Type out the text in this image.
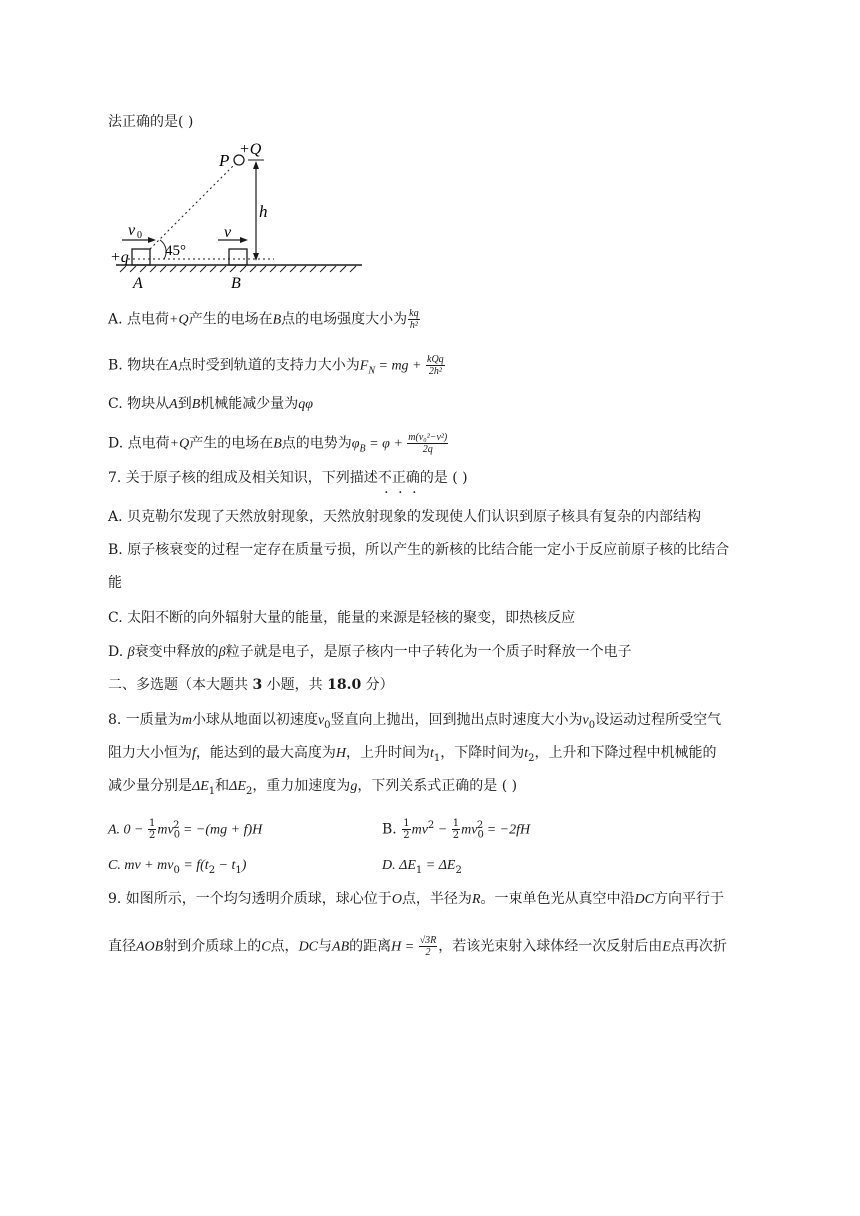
法正确的是( )
P
+Q
h
v 0
+q 45°
v
A	B
A. 点电荷+Q产生的电场在B点的电场强度大小为 $\frac{kq}{\text{h²}}$
B. 物块在A点时受到轨道的支持力大小为$F_N$ = mg + $\frac{\text{kQq}}{\text{2h²}}$
C. 物块从A到B机械能减少量为qφ
D. 点电荷+Q产生的电场在B点的电势为$\varphi_B = \varphi + \frac{\text{m(v₀²−v²)}}{2q}$
7. 关于原子核的组成及相关知识，下列描述不正确的是 ( )
A. 贝克勒尔发现了天然放射现象，天然放射现象的发现使人们认识到原子核具有复杂的内部结构
B. 原子核衰变的过程一定存在质量亏损，所以产生的新核的比结合能一定小于反应前原子核的比结合
能
C. 太阳不断的向外辐射大量的能量，能量的来源是轻核的聚变，即热核反应
D. β衰变中释放的β粒子就是电子，是原子核内一中子转化为一个质子时释放一个电子
二、多选题（本大题共 3 小题，共 18.0 分）
8. 一质量为m小球从地面以初速度$v_0$竖直向上抛出，回到抛出点时速度大小为$v_0$设运动过程所受空气
阻力大小恒为f，能达到的最大高度为H，上升时间为$t_1$，下降时间为$t_2$，上升和下降过程中机械能的
减少量分别是$\Delta E_1$和$\Delta E_2$，重力加速度为g，下列关系式正确的是 ( )
A. $0 - \frac{1}{2} mv_0^2 = -(mg + f)H$	B. $\frac{1}{2} mv^2 - \frac{1}{2} mv_0^2 = -2fH$
C. mv + $mv_0 = f(t_2 - t_1)$	D. $\Delta E_1 = \Delta E_2$
9. 如图所示，一个均匀透明介质球，球心位于O点，半径为R。一束单色光从真空中沿DC方向平行于
直径AOB射到介质球上的C点，DC与AB的距离$H = \frac{√3R}{2}$ ，若该光束射入球体经一次反射后由E点再次折
